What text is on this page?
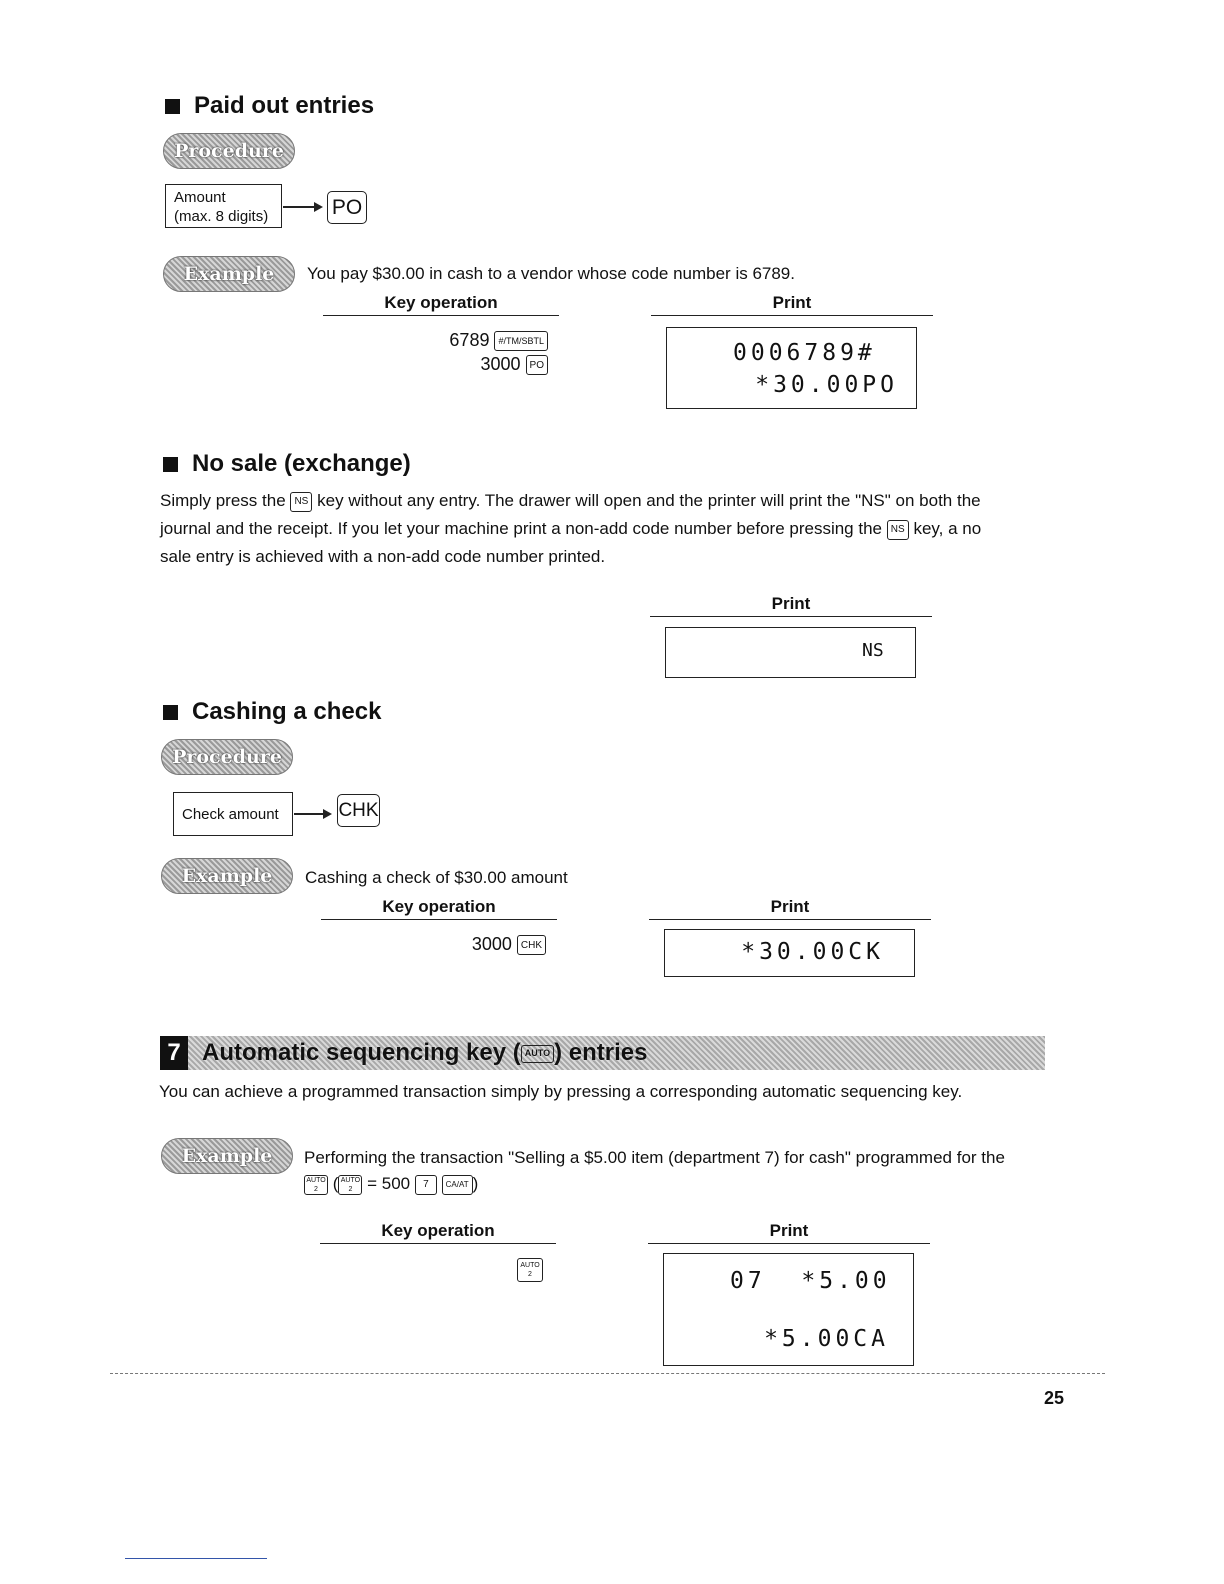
Paid out entries
Procedure
Amount
(max. 8 digits)	PO
Example	You pay $30.00 in cash to a vendor whose code number is 6789.
Key operation	Print
6789 #/TM/SBTL
3000 PO	0006789#
*30.00PO
No sale (exchange)
Simply press the NS key without any entry. The drawer will open and the printer will print the "NS" on both the
journal and the receipt. If you let your machine print a non-add code number before pressing the NS key, a no
sale entry is achieved with a non-add code number printed.
Print
NS
Cashing a check
Procedure
Check amount	CHK
Example	Cashing a check of $30.00 amount
Key operation	Print
3000 CHK	*30.00CK
7 Automatic sequencing key ( AUTO ) entries
You can achieve a programmed transaction simply by pressing a corresponding automatic sequencing key.
Example	Performing the transaction "Selling a $5.00 item (department 7) for cash" programmed for the
AUTO 2 ( AUTO 2 = 500 7 CA/AT )
Key operation	Print
AUTO 2	07  *5.00
*5.00CA
25
